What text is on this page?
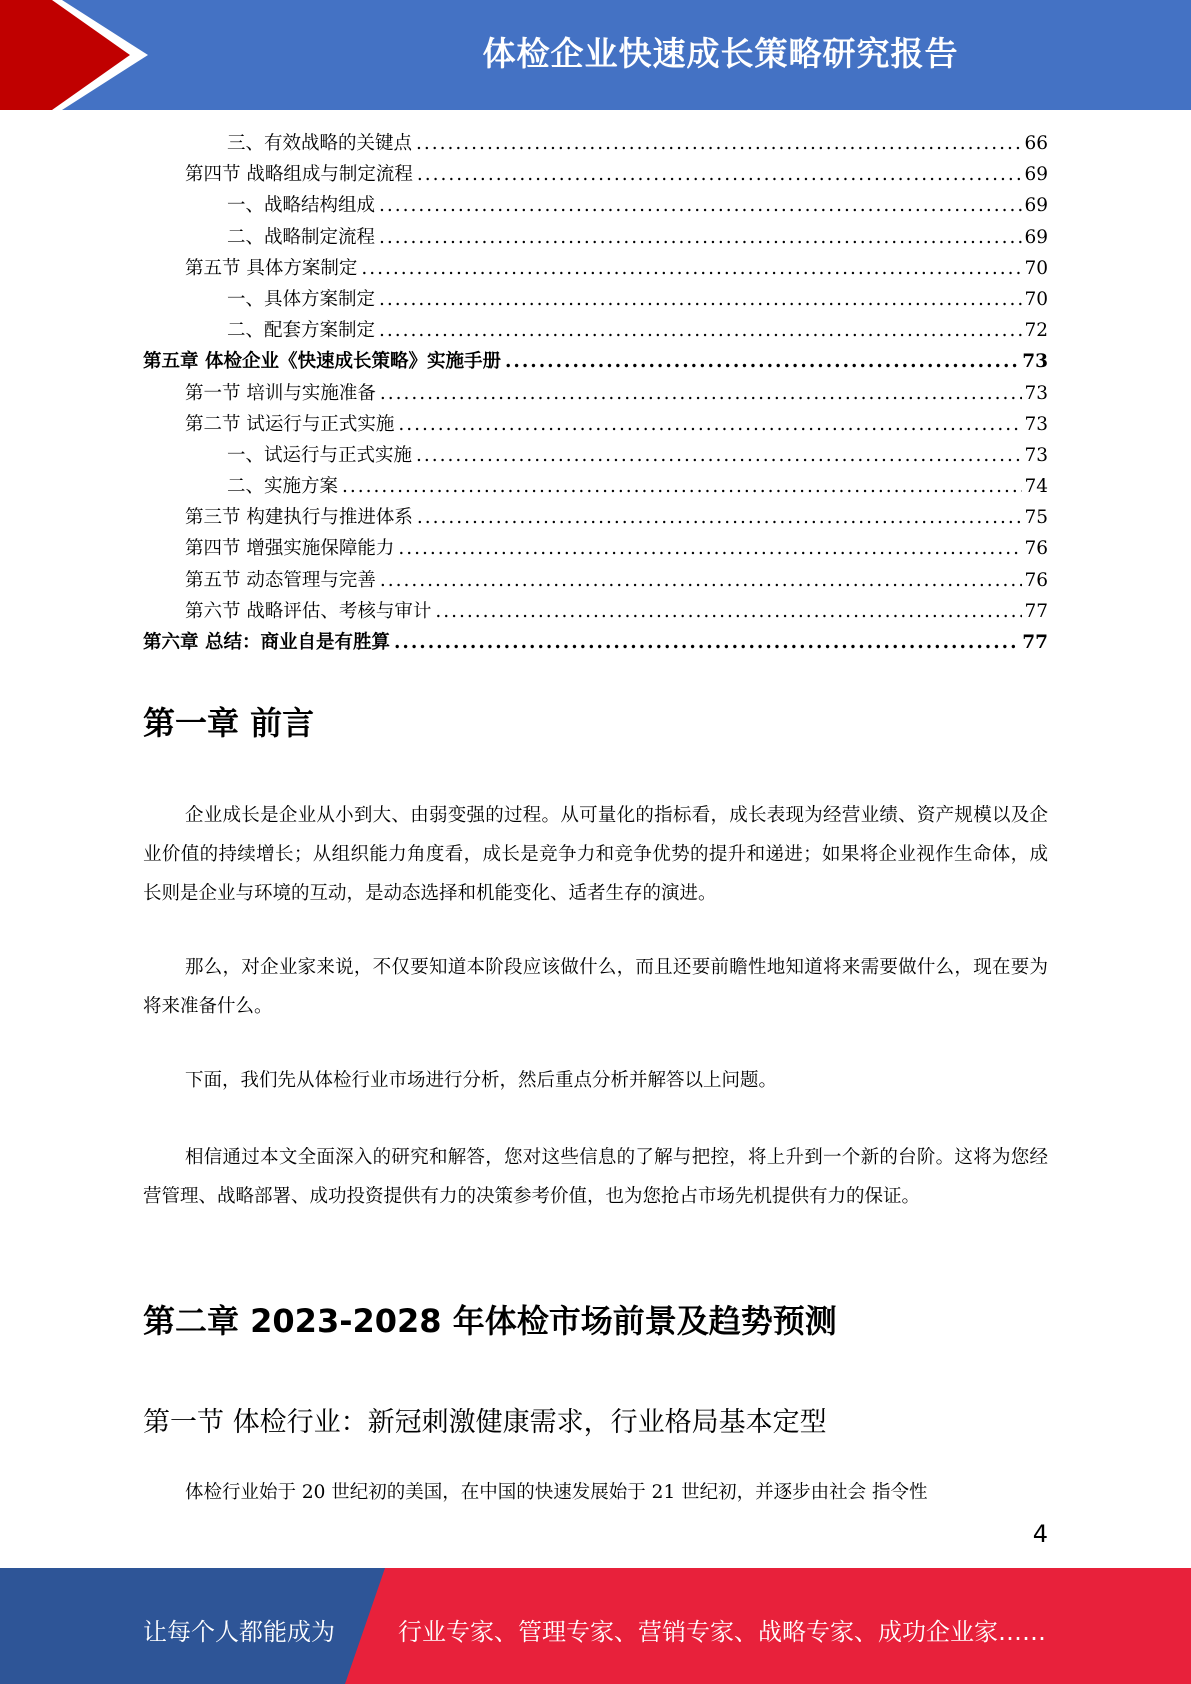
体检企业快速成长策略研究报告
三、有效战略的关键点 .....	66
第四节 战略组成与制定流程 .....	69
一、战略结构组成 .....	69
二、战略制定流程 .....	69
第五节 具体方案制定 .....	70
一、具体方案制定 .....	70
二、配套方案制定 .....	72
第五章 体检企业《快速成长策略》实施手册 .....	73
第一节 培训与实施准备 .....	73
第二节 试运行与正式实施 .....	73
一、试运行与正式实施 .....	73
二、实施方案 .....	74
第三节 构建执行与推进体系 .....	75
第四节 增强实施保障能力 .....	76
第五节 动态管理与完善 .....	76
第六节 战略评估、考核与审计 .....	77
第六章 总结：商业自是有胜算 .....	77
第一章 前言

企业成长是企业从小到大、由弱变强的过程。从可量化的指标看，成长表现为经营业绩、资产规模以及企业价值的持续增长；从组织能力角度看，成长是竞争力和竞争优势的提升和递进；如果将企业视作生命体，成长则是企业与环境的互动，是动态选择和机能变化、适者生存的演进。

那么，对企业家来说，不仅要知道本阶段应该做什么，而且还要前瞻性地知道将来需要做什么，现在要为将来准备什么。

下面，我们先从体检行业市场进行分析，然后重点分析并解答以上问题。

相信通过本文全面深入的研究和解答，您对这些信息的了解与把控，将上升到一个新的台阶。这将为您经营管理、战略部署、成功投资提供有力的决策参考价值，也为您抢占市场先机提供有力的保证。

第二章 2023-2028 年体检市场前景及趋势预测
第一节 体检行业：新冠刺激健康需求，行业格局基本定型

体检行业始于 20 世纪初的美国，在中国的快速发展始于 21 世纪初，并逐步由社会 指令性

4
让每个人都能成为	行业专家、管理专家、营销专家、战略专家、成功企业家……
